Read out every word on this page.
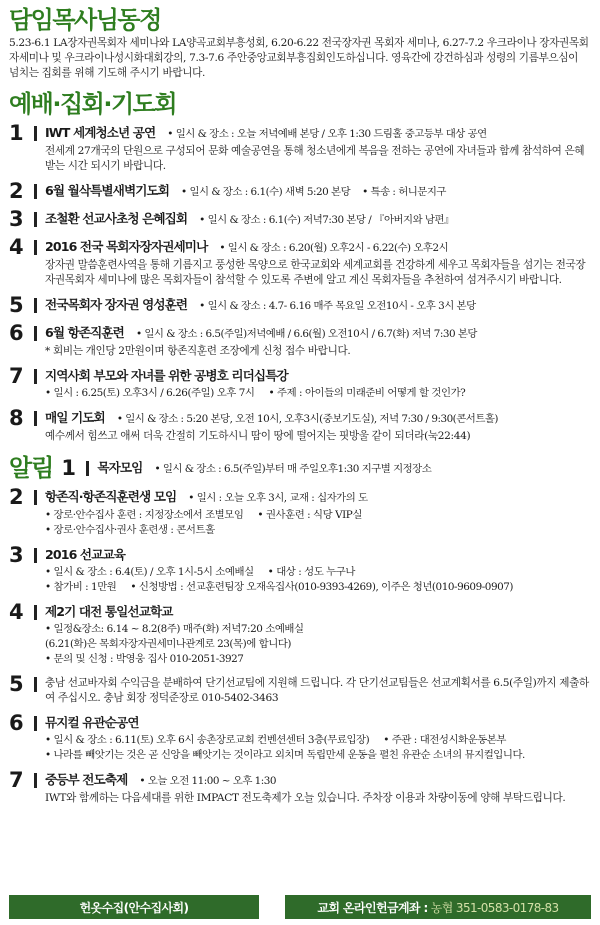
담임목사님동정
5.23-6.1 LA장자권목회자 세미나와 LA양곡교회부흥성회, 6.20-6.22 전국장자권 목회자 세미나, 6.27-7.2 우크라이나 장자권목회자세미나 및 우크라이나성시화대회강의, 7.3-7.6 주안중앙교회부흥집회인도하십니다. 영육간에 강건하심과 성령의 기름부으심이 넘치는 집회를 위해 기도해 주시기 바랍니다.
예배·집회·기도회
1	IWT 세계청소년 공연 • 일시 & 장소 : 오늘 저녁예배 본당 / 오후 1:30 드림홀 중고등부 대상 공연
전세계 27개국의 단원으로 구성되어 문화 예술공연을 통해 청소년에게 복음을 전하는 공연에 자녀들과 함께 참석하여 은혜받는 시간 되시기 바랍니다.
2	6월 월삭특별새벽기도회 • 일시 & 장소 : 6.1(수) 새벽 5:20 본당 • 특송 : 허니문지구
3	조철환 선교사초청 은혜집회 • 일시 & 장소 : 6.1(수) 저녁7:30 본당 / 『아버지와 남편』
4	2016 전국 목회자장자권세미나 • 일시 & 장소 : 6.20(월) 오후2시 - 6.22(수) 오후2시
장자권 말씀훈련사역을 통해 기름지고 풍성한 목양으로 한국교회와 세계교회를 건강하게 세우고 목회자들을 섬기는 전국장자권목회자 세미나에 많은 목회자들이 참석할 수 있도록 주변에 알고 계신 목회자들을 추천하여 섬겨주시기 바랍니다.
5	전국목회자 장자권 영성훈련 • 일시 & 장소 : 4.7- 6.16 매주 목요일 오전10시 - 오후 3시 본당
6	6월 항존직훈련 • 일시 & 장소 : 6.5(주일)저녁예배 / 6.6(월) 오전10시 / 6.7(화) 저녁 7:30 본당
* 회비는 개인당 2만원이며 항존직훈련 조장에게 신청 접수 바랍니다.
7	지역사회 부모와 자녀를 위한 공병호 리더십특강
• 일시 : 6.25(토) 오후3시 / 6.26(주일) 오후 7시 • 주제 : 아이들의 미래준비 어떻게 할 것인가?
8	매일 기도회 • 일시 & 장소 : 5:20 본당, 오전 10시, 오후3시(중보기도실), 저녁 7:30 / 9:30(콘서트홀)
예수께서 힘쓰고 애써 더욱 간절히 기도하시니 땀이 땅에 떨어지는 핏방울 같이 되더라(눅22:44)
알림 1	목자모임 • 일시 & 장소 : 6.5(주일)부터 매 주일오후1:30 지구별 지정장소
2	항존직·항존직훈련생 모임 • 일시 : 오늘 오후 3시, 교재 : 십자가의 도
• 장로·안수집사 훈련 : 지정장소에서 조별모임 • 권사훈련 : 식당 VIP실
• 장로·안수집사·권사 훈련생 : 콘서트홀
3	2016 선교교육
• 일시 & 장소 : 6.4(토) / 오후 1시-5시 소예배실 • 대상 : 성도 누구나
• 참가비 : 1만원 • 신청방법 : 선교훈련팀장 오재옥집사(010-9393-4269), 이주은 청년(010-9609-0907)
4	제2기 대전 통일선교학교
• 일정&장소: 6.14 ~ 8.2(8주) 매주(화) 저녁7:20 소예배실
(6.21(화)은 목회자장자권세미나관계로 23(목)에 합니다)
• 문의 및 신청 : 박영웅 집사 010-2051-3927
5	충남 선교바자회 수익금을 분배하여 단기선교팀에 지원해 드립니다. 각 단기선교팀들은 선교계획서를 6.5(주일)까지 제출하여 주십시오. 충남 회장 정덕준장로 010-5402-3463
6	뮤지컬 유관순공연
• 일시 & 장소 : 6.11(토) 오후 6시 송촌장로교회 컨벤션센터 3층(무료입장) • 주관 : 대전성시화운동본부
• 나라를 빼앗기는 것은 곧 신앙을 빼앗기는 것이라고 외치며 독립만세 운동을 펼친 유관순 소녀의 뮤지컬입니다.
7	중등부 전도축제 • 오늘 오전 11:00 ~ 오후 1:30
IWT와 함께하는 다음세대를 위한 IMPACT 전도축제가 오늘 있습니다. 주차장 이용과 차량이동에 양해 부탁드립니다.
헌옷수집(안수집사회)	교회 온라인헌금계좌 : 농협 351-0583-0178-83
